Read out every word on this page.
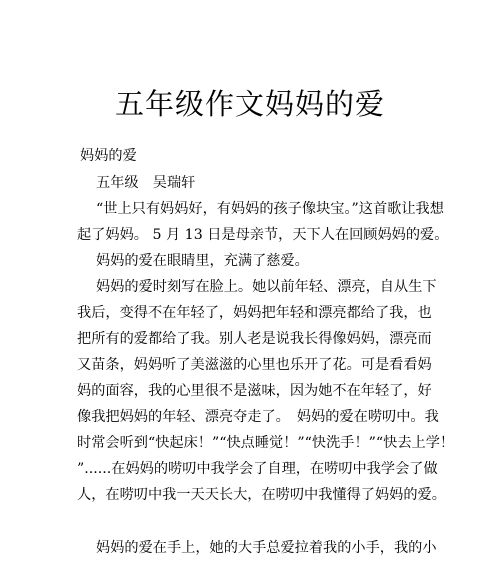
五年级作文妈妈的爱
妈妈的爱
五年级　吴瑞轩
“世上只有妈妈好，有妈妈的孩子像块宝。”这首歌让我想
起了妈妈。 5 月 13 日是母亲节，天下人在回顾妈妈的爱。
妈妈的爱在眼睛里，充满了慈爱。
妈妈的爱时刻写在脸上。她以前年轻、漂亮，自从生下
我后，变得不在年轻了，妈妈把年轻和漂亮都给了我，也
把所有的爱都给了我。别人老是说我长得像妈妈，漂亮而
又苗条，妈妈听了美滋滋的心里也乐开了花。可是看看妈
妈的面容，我的心里很不是滋味，因为她不在年轻了，好
像我把妈妈的年轻、漂亮夺走了。　妈妈的爱在唠叨中。我
时常会听到“快起床！”“快点睡觉！”“快洗手！”“快去上学！
”......在妈妈的唠叨中我学会了自理，在唠叨中我学会了做
人，在唠叨中我一天天长大，在唠叨中我懂得了妈妈的爱。
妈妈的爱在手上，她的大手总爱拉着我的小手，我的小
